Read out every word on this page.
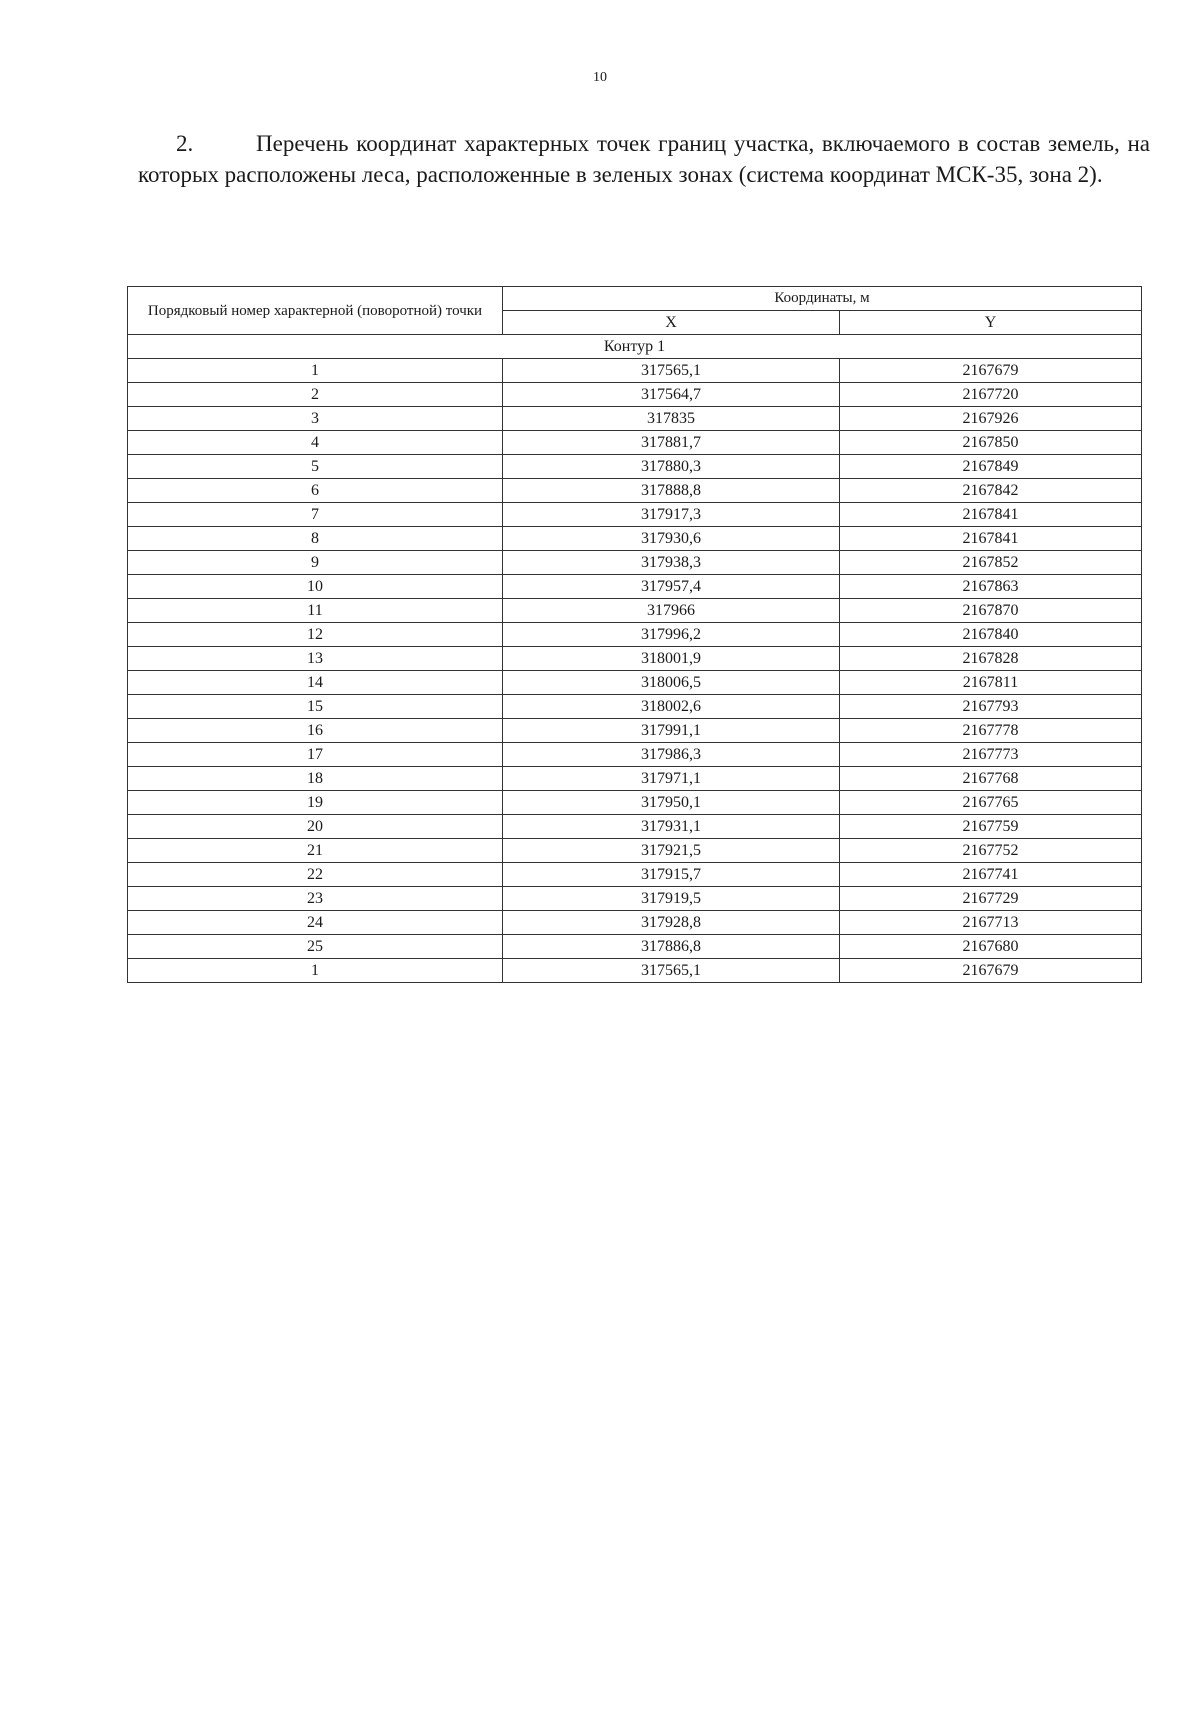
10
2.	Перечень координат характерных точек границ участка, включаемого в состав земель, на которых расположены леса, расположенные в зеленых зонах (система координат МСК-35, зона 2).
Порядковый номер характерной (поворотной) точки	Координаты, м	
	X	Y
Контур 1		
1	317565,1	2167679
2	317564,7	2167720
3	317835	2167926
4	317881,7	2167850
5	317880,3	2167849
6	317888,8	2167842
7	317917,3	2167841
8	317930,6	2167841
9	317938,3	2167852
10	317957,4	2167863
11	317966	2167870
12	317996,2	2167840
13	318001,9	2167828
14	318006,5	2167811
15	318002,6	2167793
16	317991,1	2167778
17	317986,3	2167773
18	317971,1	2167768
19	317950,1	2167765
20	317931,1	2167759
21	317921,5	2167752
22	317915,7	2167741
23	317919,5	2167729
24	317928,8	2167713
25	317886,8	2167680
1	317565,1	2167679
